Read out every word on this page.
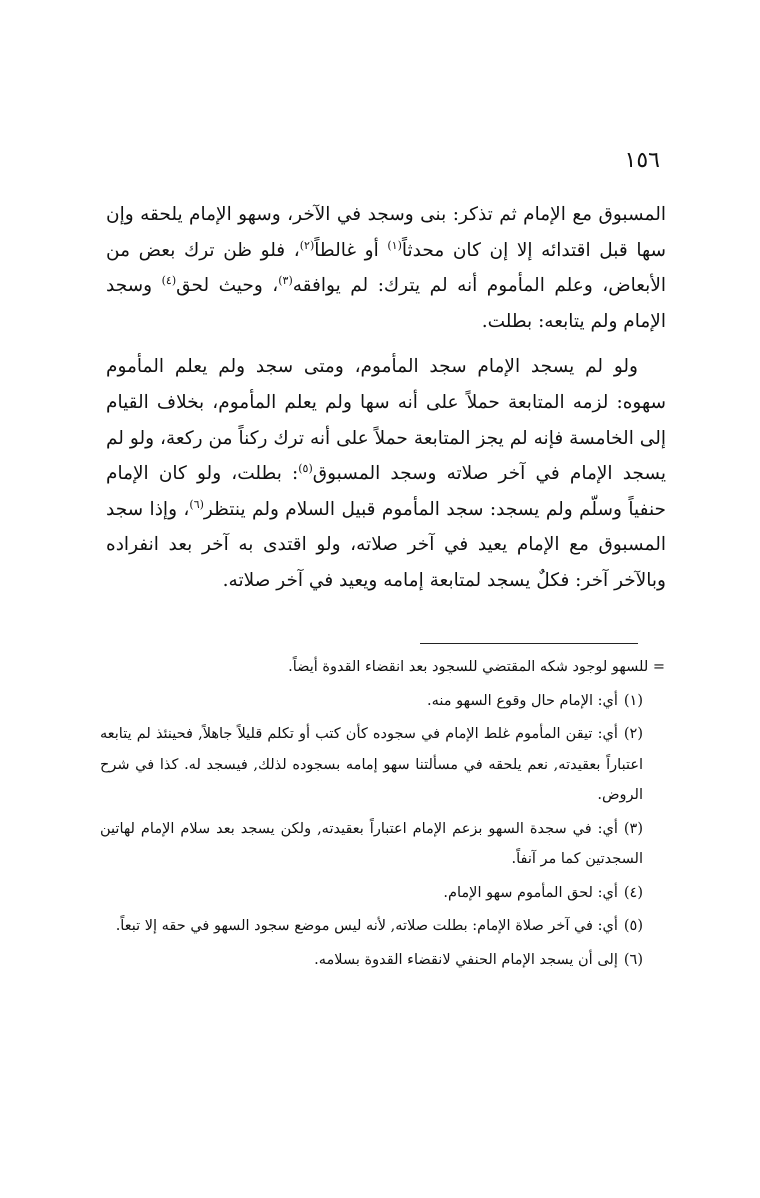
١٥٦

المسبوق مع الإمام ثم تذكر: بنى وسجد في الآخر، وسهو الإمام يلحقه وإن سها قبل اقتدائه إلا إن كان محدثاً$^{(١)}$ أو غالطاً$^{(٢)}$، فلو ظن ترك بعض من الأبعاض، وعلم المأموم أنه لم يترك: لم يوافقه$^{(٣)}$، وحيث لحق$^{(٤)}$ وسجد الإمام ولم يتابعه: بطلت.

ولو لم يسجد الإمام سجد المأموم، ومتى سجد ولم يعلم المأموم سهوه: لزمه المتابعة حملاً على أنه سها ولم يعلم المأموم، بخلاف القيام إلى الخامسة فإنه لم يجز المتابعة حملاً على أنه ترك ركناً من ركعة، ولو لم يسجد الإمام في آخر صلاته وسجد المسبوق$^{(٥)}$: بطلت، ولو كان الإمام حنفياً وسلّم ولم يسجد: سجد المأموم قبيل السلام ولم ينتظر$^{(٦)}$، وإذا سجد المسبوق مع الإمام يعيد في آخر صلاته، ولو اقتدى به آخر بعد انفراده وبالآخر آخر: فكلٌ يسجد لمتابعة إمامه ويعيد في آخر صلاته.

= للسهو لوجود شكه المقتضي للسجود بعد انقضاء القدوة أيضاً.

(١)أي: الإمام حال وقوع السهو منه.

(٢)أي: تيقن المأموم غلط الإمام في سجوده كأن كتب أو تكلم قليلاً جاهلاً, فحينئذ لم يتابعه اعتباراً بعقيدته, نعم يلحقه في مسألتنا سهو إمامه بسجوده لذلك, فيسجد له. كذا في شرح الروض.

(٣)أي: في سجدة السهو بزعم الإمام اعتباراً بعقيدته, ولكن يسجد بعد سلام الإمام لهاتين السجدتين كما مر آنفاً.

(٤)أي: لحق المأموم سهو الإمام.

(٥)أي: في آخر صلاة الإمام: بطلت صلاته, لأنه ليس موضع سجود السهو في حقه إلا تبعاً.

(٦)إلى أن يسجد الإمام الحنفي لانقضاء القدوة بسلامه.
